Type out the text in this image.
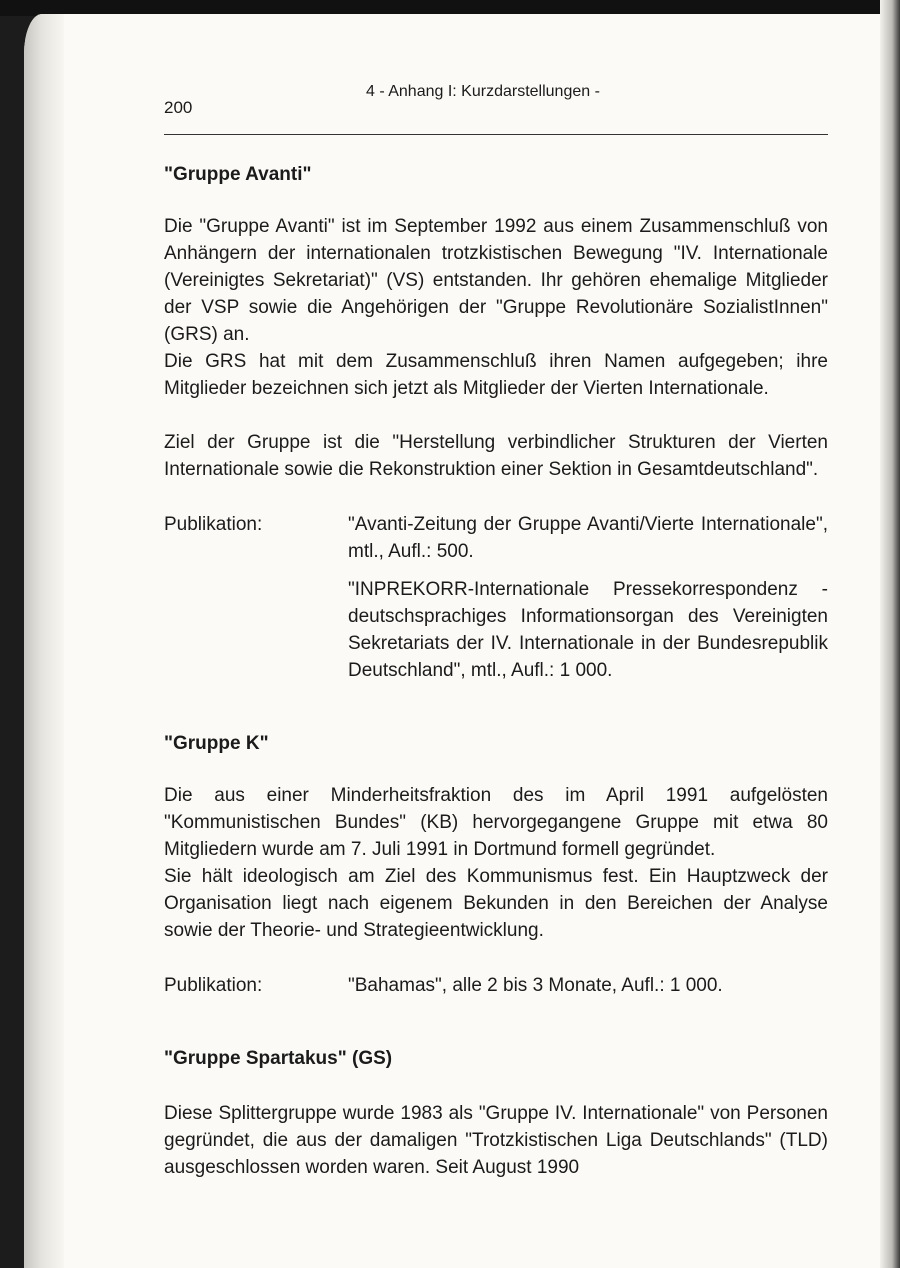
200
4 - Anhang I: Kurzdarstellungen -
"Gruppe Avanti"

Die "Gruppe Avanti" ist im September 1992 aus einem Zusammenschluß von Anhängern der internationalen trotzkistischen Bewegung "IV. Internationale (Vereinigtes Sekretariat)" (VS) entstanden. Ihr gehören ehemalige Mitglieder der VSP sowie die Angehörigen der "Gruppe Revolutionäre SozialistInnen" (GRS) an.

Die GRS hat mit dem Zusammenschluß ihren Namen aufgegeben; ihre Mitglieder bezeichnen sich jetzt als Mitglieder der Vierten Internationale.

Ziel der Gruppe ist die "Herstellung verbindlicher Strukturen der Vierten Internationale sowie die Rekonstruktion einer Sektion in Gesamtdeutschland".

Publikation:	"Avanti-Zeitung der Gruppe Avanti/Vierte Internationale", mtl., Aufl.: 500.

"INPREKORR-Internationale Pressekorrespondenz - deutschsprachiges Informationsorgan des Vereinigten Sekretariats der IV. Internationale in der Bundesrepublik Deutschland", mtl., Aufl.: 1 000.

"Gruppe K"

Die aus einer Minderheitsfraktion des im April 1991 aufgelösten "Kommunistischen Bundes" (KB) hervorgegangene Gruppe mit etwa 80 Mitgliedern wurde am 7. Juli 1991 in Dortmund formell gegründet.

Sie hält ideologisch am Ziel des Kommunismus fest. Ein Hauptzweck der Organisation liegt nach eigenem Bekunden in den Bereichen der Analyse sowie der Theorie- und Strategieentwicklung.

Publikation:	"Bahamas", alle 2 bis 3 Monate, Aufl.: 1 000.

"Gruppe Spartakus" (GS)

Diese Splittergruppe wurde 1983 als "Gruppe IV. Internationale" von Personen gegründet, die aus der damaligen "Trotzkistischen Liga Deutschlands" (TLD) ausgeschlossen worden waren. Seit August 1990
